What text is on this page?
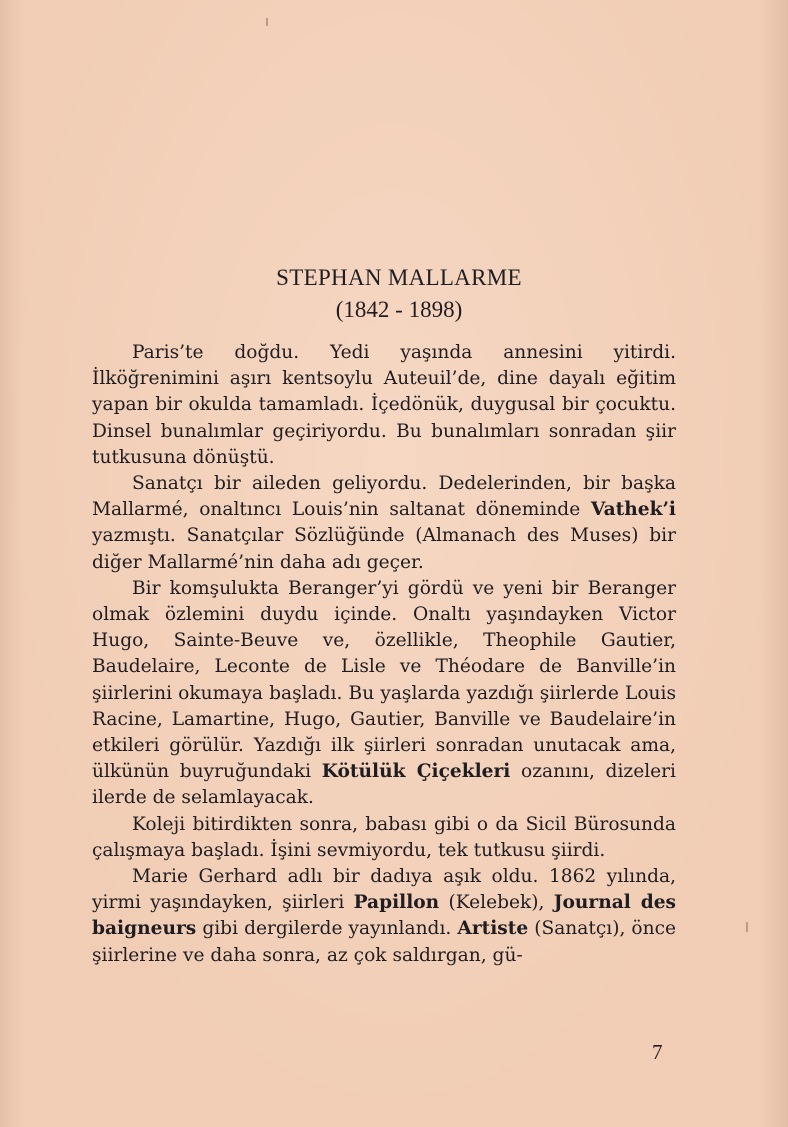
STEPHAN MALLARME
(1842 - 1898)

Paris’te doğdu. Yedi yaşında annesini yitirdi. İlköğrenimini aşırı kentsoylu Auteuil’de, dine dayalı eğitim yapan bir okulda tamamladı. İçedönük, duygusal bir çocuktu. Dinsel bunalımlar geçiriyordu. Bu bunalımları sonradan şiir tutkusuna dönüştü.

Sanatçı bir aileden geliyordu. Dedelerinden, bir başka Mallarmé, onaltıncı Louis’nin saltanat döneminde Vathek’i yazmıştı. Sanatçılar Sözlüğünde (Almanach des Muses) bir diğer Mallarmé’nin daha adı geçer.

Bir komşulukta Beranger’yi gördü ve yeni bir Beranger olmak özlemini duydu içinde. Onaltı yaşındayken Victor Hugo, Sainte-Beuve ve, özellikle, Theophile Gautier, Baudelaire, Leconte de Lisle ve Théodare de Banville’in şiirlerini okumaya başladı. Bu yaşlarda yazdığı şiirlerde Louis Racine, Lamartine, Hugo, Gautier, Banville ve Baudelaire’in etkileri görülür. Yazdığı ilk şiirleri sonradan unutacak ama, ülkünün buyruğundaki Kötülük Çiçekleri ozanını, dizeleri ilerde de selamlayacak.

Koleji bitirdikten sonra, babası gibi o da Sicil Bürosunda çalışmaya başladı. İşini sevmiyordu, tek tutkusu şiirdi.

Marie Gerhard adlı bir dadıya aşık oldu. 1862 yılında, yirmi yaşındayken, şiirleri Papillon (Kelebek), Journal des baigneurs gibi dergilerde yayınlandı. Artiste (Sanatçı), önce şiirlerine ve daha sonra, az çok saldırgan, gü-

7
